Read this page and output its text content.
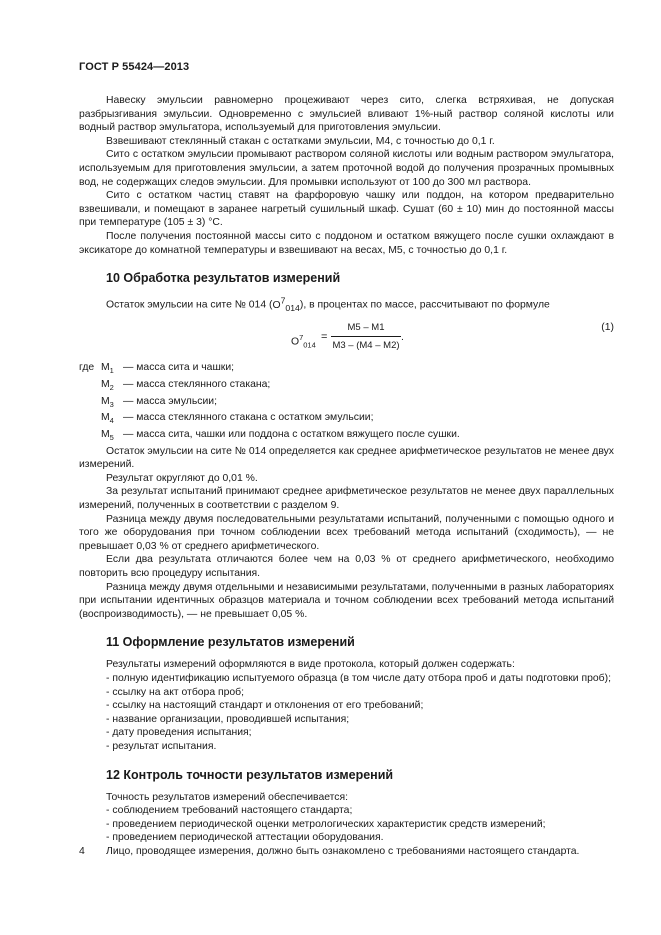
ГОСТ Р 55424—2013

Навеску эмульсии равномерно процеживают через сито, слегка встряхивая, не допуская разбрызгивания эмульсии. Одновременно с эмульсией вливают 1%-ный раствор соляной кислоты или водный раствор эмульгатора, используемый для приготовления эмульсии.

Взвешивают стеклянный стакан с остатками эмульсии, М4, с точностью до 0,1 г.

Сито с остатком эмульсии промывают раствором соляной кислоты или водным раствором эмульгатора, используемым для приготовления эмульсии, а затем проточной водой до получения прозрачных промывных вод, не содержащих следов эмульсии. Для промывки используют от 100 до 300 мл раствора.

Сито с остатком частиц ставят на фарфоровую чашку или поддон, на котором предварительно взвешивали, и помещают в заранее нагретый сушильный шкаф. Сушат (60 ± 10) мин до постоянной массы при температуре (105 ± 3) °C.

После получения постоянной массы сито с поддоном и остатком вяжущего после сушки охлаждают в эксикаторе до комнатной температуры и взвешивают на весах, М5, с точностью до 0,1 г.

10 Обработка результатов измерений

Остаток эмульсии на сите № 014 $(O^7_{014})$, в процентах по массе, рассчитывают по формуле

$O^7_{014}$
= $\frac{M5 - M1}{M3 - (M4 - M2)}$ .
(1)
где $M_1$ — масса сита и чашки;
$M_2$ — масса стеклянного стакана;
$M_3$ — масса эмульсии;
$M_4$ — масса стеклянного стакана с остатком эмульсии;
$M_5$ — масса сита, чашки или поддона с остатком вяжущего после сушки.

Остаток эмульсии на сите № 014 определяется как среднее арифметическое результатов не менее двух измерений.

Результат округляют до 0,01 %.

За результат испытаний принимают среднее арифметическое результатов не менее двух параллельных измерений, полученных в соответствии с разделом 9.

Разница между двумя последовательными результатами испытаний, полученными с помощью одного и того же оборудования при точном соблюдении всех требований метода испытаний (сходимость), — не превышает 0,03 % от среднего арифметического.

Если два результата отличаются более чем на 0,03 % от среднего арифметического, необходимо повторить всю процедуру испытания.

Разница между двумя отдельными и независимыми результатами, полученными в разных лабораториях при испытании идентичных образцов материала и точном соблюдении всех требований метода испытаний (воспроизводимость), — не превышает 0,05 %.

11 Оформление результатов измерений

Результаты измерений оформляются в виде протокола, который должен содержать:

- полную идентификацию испытуемого образца (в том числе дату отбора проб и даты подготовки проб);

- ссылку на акт отбора проб;

- ссылку на настоящий стандарт и отклонения от его требований;

- название организации, проводившей испытания;

- дату проведения испытания;

- результат испытания.

12 Контроль точности результатов измерений

Точность результатов измерений обеспечивается:

- соблюдением требований настоящего стандарта;

- проведением периодической оценки метрологических характеристик средств измерений;

- проведением периодической аттестации оборудования.

Лицо, проводящее измерения, должно быть ознакомлено с требованиями настоящего стандарта.

4
